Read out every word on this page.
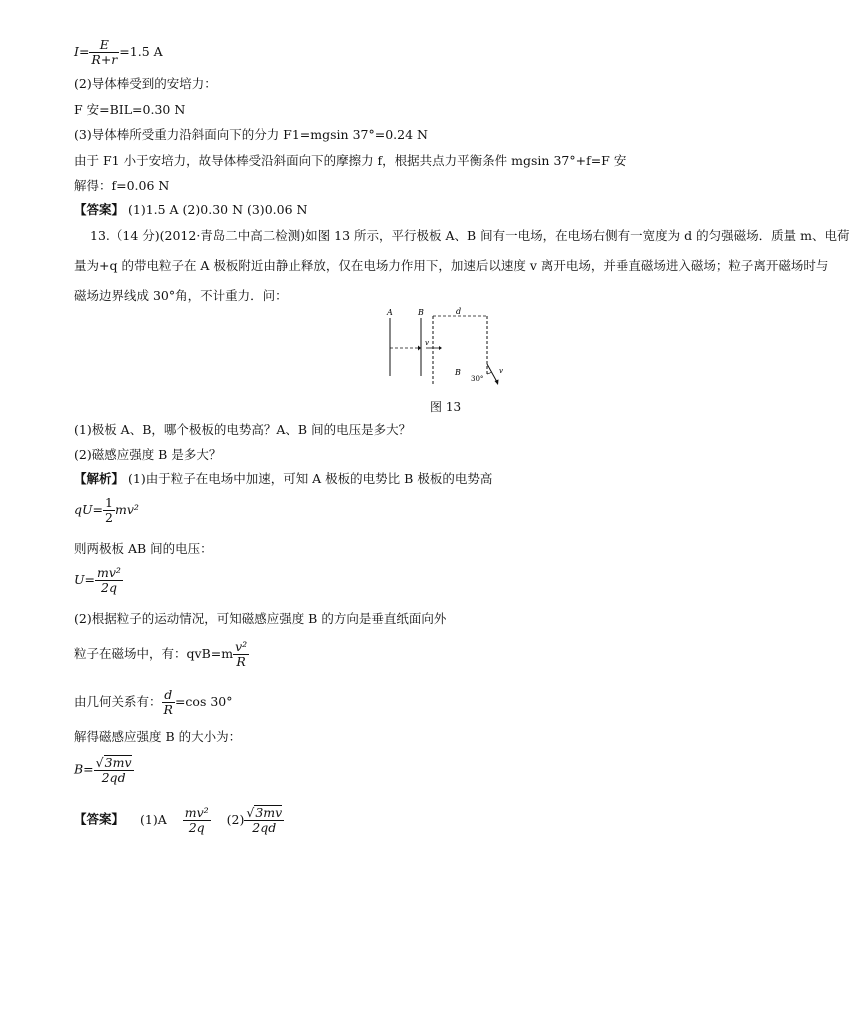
$I= \frac{E}{R+r} =1.5$ A
(2)导体棒受到的安培力：
F 安=BIL=0.30 N
(3)导体棒所受重力沿斜面向下的分力 F1=mgsin 37°=0.24 N
由于 F1 小于安培力，故导体棒受沿斜面向下的摩擦力 f，根据共点力平衡条件 mgsin 37°+f=F 安
解得：f=0.06 N
【答案】 (1)1.5 A (2)0.30 N (3)0.06 N
13.（14 分)(2012·青岛二中高二检测)如图 13 所示，平行极板 A、B 间有一电场，在电场右侧有一宽度为 d 的匀强磁场．质量 m、电荷
量为+q 的带电粒子在 A 极板附近由静止释放，仅在电场力作用下，加速后以速度 v 离开电场，并垂直磁场进入磁场；粒子离开磁场时与
磁场边界线成 30°角，不计重力．问：
A	B	d
v
B
30°
v
图 13
(1)极板 A、B，哪个极板的电势高？A、B 间的电压是多大？
(2)磁感应强度 B 是多大？
【解析】 (1)由于粒子在电场中加速，可知 A 极板的电势比 B 极板的电势高
$qU= \frac{1}{2} mv^2$
则两极板 AB 间的电压：
$U= \frac{\text{mv²}}{2q}$
(2)根据粒子的运动情况，可知磁感应强度 B 的方向是垂直纸面向外
粒子在磁场中，有：$qvB=m \frac{\text{v²}}{R}$
由几何关系有： $\frac{d}{R} =\cos$ 30°
解得磁感应强度 B 的大小为：
$B= \frac{√3mv}{2qd}$
【答案】 $(1)A \frac{\text{mv²}}{2q} (2) \frac{√3mv}{2qd}$
